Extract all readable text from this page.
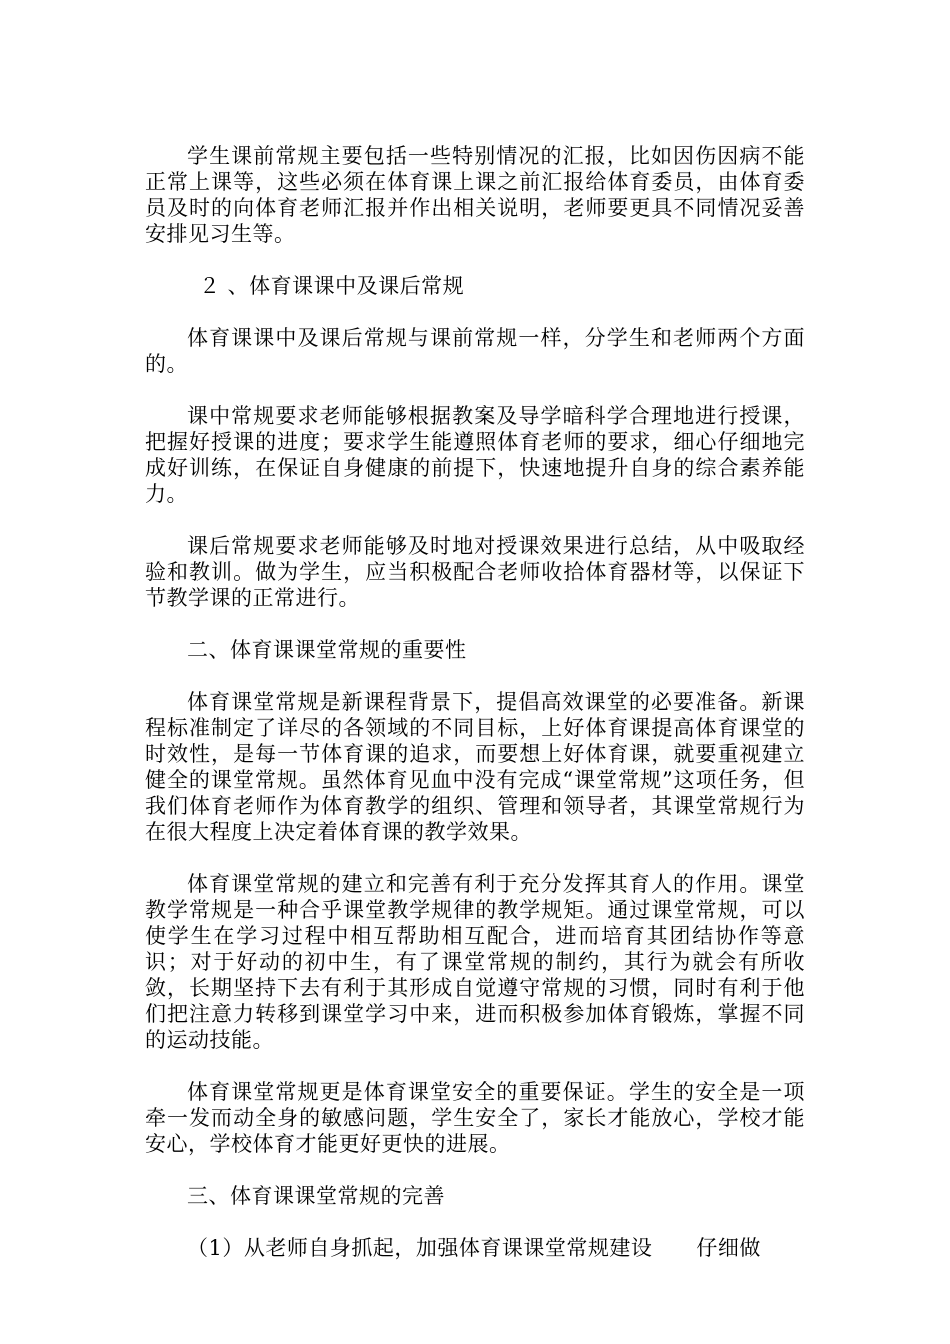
学生课前常规主要包括一些特别情况的汇报，比如因伤因病不能正常上课等，这些必须在体育课上课之前汇报给体育委员，由体育委员及时的向体育老师汇报并作出相关说明，老师要更具不同情况妥善安排见习生等。

２ 、体育课课中及课后常规

体育课课中及课后常规与课前常规一样，分学生和老师两个方面的。

课中常规要求老师能够根据教案及导学暗科学合理地进行授课，把握好授课的进度；要求学生能遵照体育老师的要求，细心仔细地完成好训练，在保证自身健康的前提下，快速地提升自身的综合素养能力。

课后常规要求老师能够及时地对授课效果进行总结，从中吸取经验和教训。做为学生，应当积极配合老师收拾体育器材等，以保证下节教学课的正常进行。

二、体育课课堂常规的重要性

体育课堂常规是新课程背景下，提倡高效课堂的必要准备。新课程标准制定了详尽的各领域的不同目标，上好体育课提高体育课堂的时效性，是每一节体育课的追求，而要想上好体育课，就要重视建立健全的课堂常规。虽然体育见血中没有完成“课堂常规”这项任务，但我们体育老师作为体育教学的组织、管理和领导者，其课堂常规行为在很大程度上决定着体育课的教学效果。

体育课堂常规的建立和完善有利于充分发挥其育人的作用。课堂教学常规是一种合乎课堂教学规律的教学规矩。通过课堂常规，可以使学生在学习过程中相互帮助相互配合，进而培育其团结协作等意识；对于好动的初中生，有了课堂常规的制约，其行为就会有所收敛，长期坚持下去有利于其形成自觉遵守常规的习惯，同时有利于他们把注意力转移到课堂学习中来，进而积极参加体育锻炼，掌握不同的运动技能。

体育课堂常规更是体育课堂安全的重要保证。学生的安全是一项牵一发而动全身的敏感问题，学生安全了，家长才能放心，学校才能安心，学校体育才能更好更快的进展。

三、体育课课堂常规的完善

（1）从老师自身抓起，加强体育课课堂常规建设 仔细做
